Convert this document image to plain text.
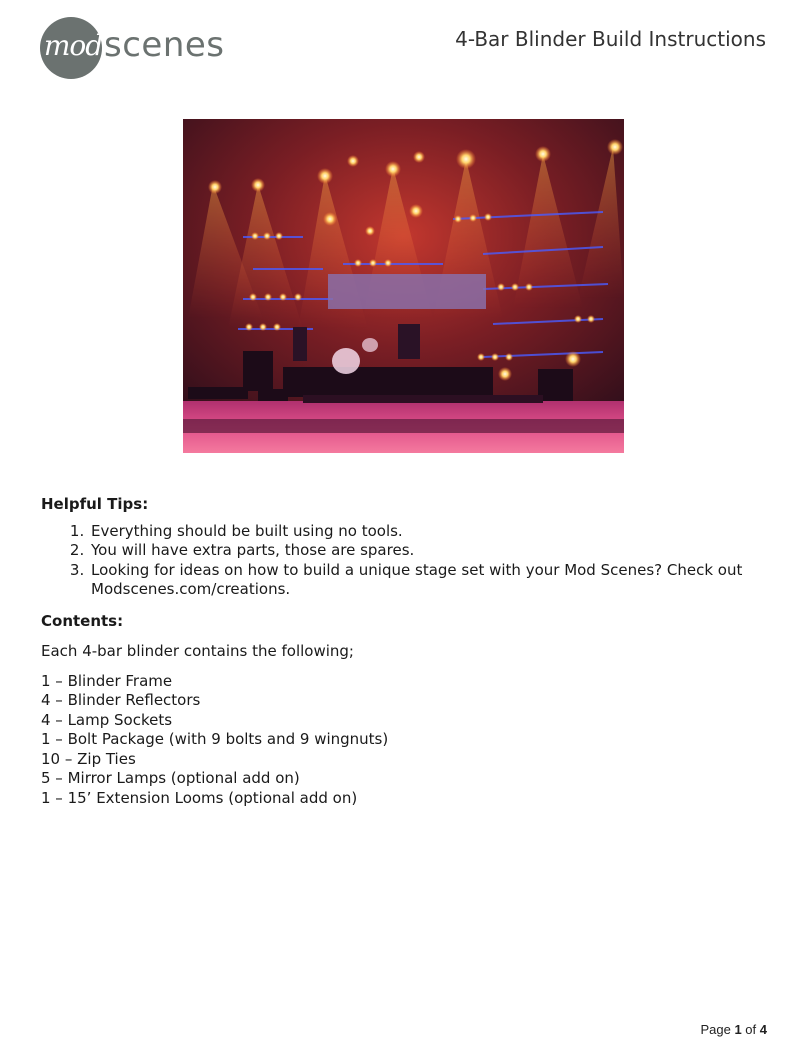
mod scenes	4-Bar Blinder Build Instructions
Helpful Tips:
1. Everything should be built using no tools.
2. You will have extra parts, those are spares.
3. Looking for ideas on how to build a unique stage set with your Mod Scenes? Check out Modscenes.com/creations.
Contents:
Each 4-bar blinder contains the following;
1 – Blinder Frame
4 – Blinder Reflectors
4 – Lamp Sockets
1 – Bolt Package (with 9 bolts and 9 wingnuts)
10 – Zip Ties
5 – Mirror Lamps (optional add on)
1 – 15’ Extension Looms (optional add on)
Page 1 of 4
